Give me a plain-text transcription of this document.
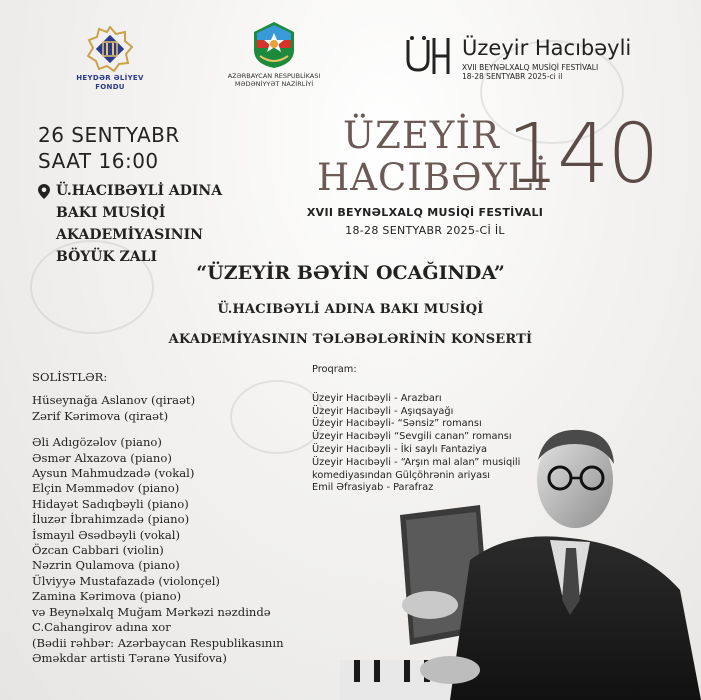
HEYDƏR ƏLİYEV
FONDU
AZƏRBAYCAN RESPUBLİKASI
MƏDƏNİYYƏT NAZİRLİYİ
Üzeyir Hacıbəyli
XVII BEYNƏLXALQ MUSİQİ FESTİVALI
18-28 SENTYABR 2025-ci il
26 SENTYABR
SAAT 16:00
Ü.HACIBƏYLİ ADINA
BAKI MUSİQİ
AKADEMİYASININ
BÖYÜK ZALI
ÜZEYİR
HACIBƏYLİ
140
XVII BEYNƏLXALQ MUSİQİ FESTİVALI
18-28 SENTYABR 2025-Cİ İL
“ÜZEYİR BƏYİN OCAĞINDA”
Ü.HACIBƏYLİ ADINA BAKI MUSİQİ
AKADEMİYASININ TƏLƏBƏLƏRİNİN KONSERTİ
SOLİSTLƏR:
Hüseynağa Aslanov (qiraət)
Zərif Kərimova (qiraət)
Əli Adıgözəlov (piano)
Əsmər Alxazova (piano)
Aysun Mahmudzadə (vokal)
Elçin Məmmədov (piano)
Hidayət Sadıqbəyli (piano)
İluzər İbrahimzadə (piano)
İsmayıl Əsədbəyli (vokal)
Özcan Cabbari (violin)
Nəzrin Qulamova (piano)
Ülviyyə Mustafazadə (violonçel)
Zamina Kərimova (piano)
və Beynəlxalq Muğam Mərkəzi nəzdində
C.Cahangirov adına xor
(Bədii rəhbər: Azərbaycan Respublikasının
Əməkdar artisti Təranə Yusifova)
Proqram:
Üzeyir Hacıbəyli - Arazbarı
Üzeyir Hacıbəyli - Aşıqsayağı
Üzeyir Hacıbəyli- “Sənsiz” romansı
Üzeyir Hacıbəyli “Sevgili canan” romansı
Üzeyir Hacıbəyli - İki saylı Fantaziya
Üzeyir Hacıbəyli - “Arşın mal alan” musiqili
komediyasından Gülçöhrənin ariyası
Emil Əfrasiyab - Parafraz
